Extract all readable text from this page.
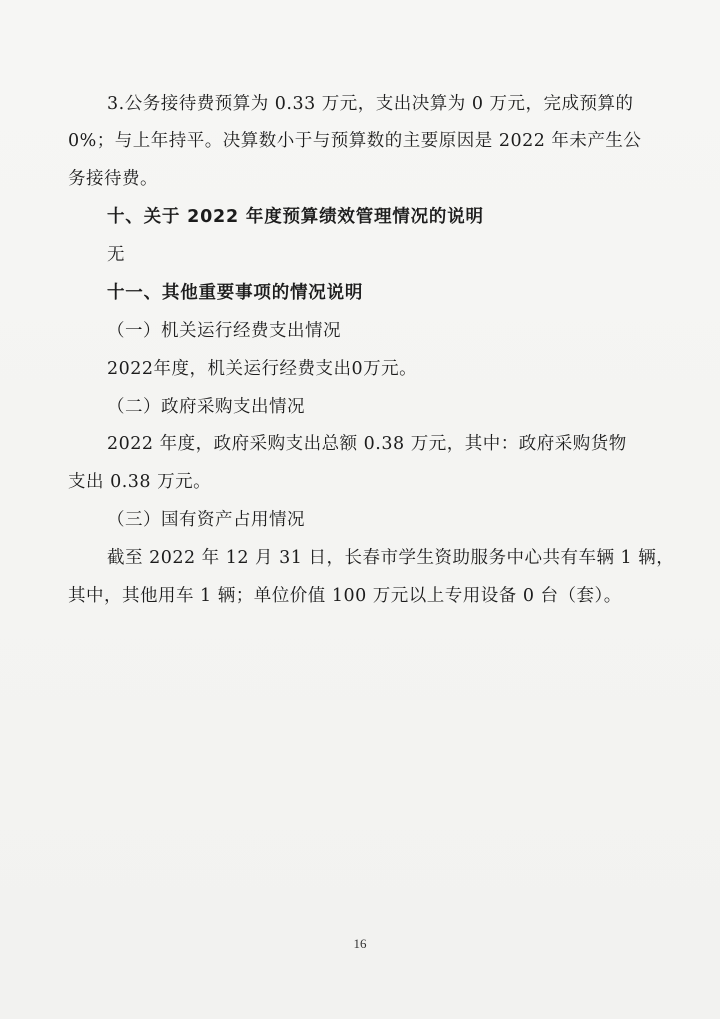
3.公务接待费预算为 0.33 万元，支出决算为 0 万元，完成预算的
0%；与上年持平。决算数小于与预算数的主要原因是 2022 年未产生公
务接待费。
十、关于 2022 年度预算绩效管理情况的说明
无
十一、其他重要事项的情况说明
（一）机关运行经费支出情况
2022年度，机关运行经费支出0万元。
（二）政府采购支出情况
2022 年度，政府采购支出总额 0.38 万元，其中：政府采购货物
支出 0.38 万元。
（三）国有资产占用情况
截至 2022 年 12 月 31 日，长春市学生资助服务中心共有车辆 1 辆，
其中，其他用车 1 辆；单位价值 100 万元以上专用设备 0 台（套）。
16
